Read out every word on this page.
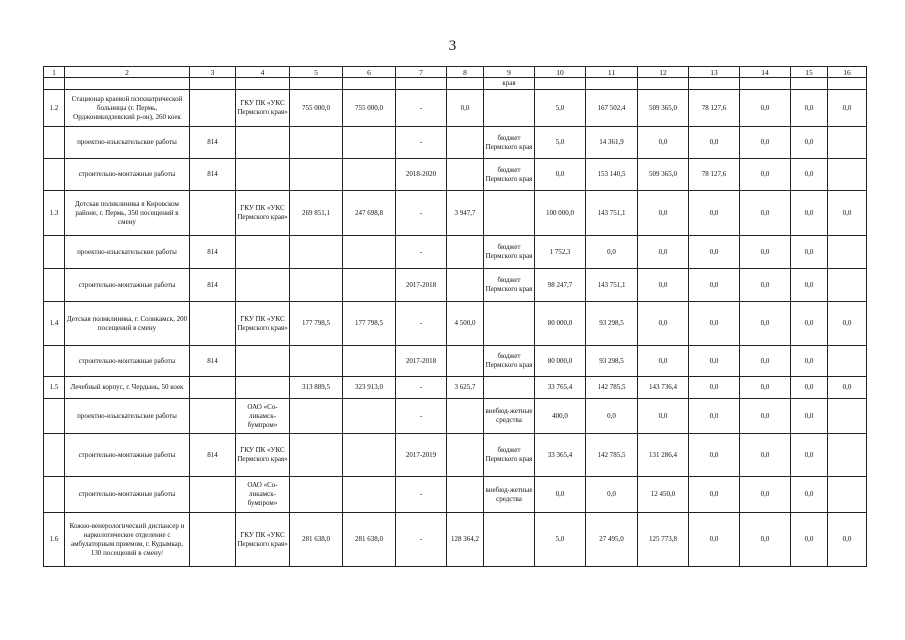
3
1	2	3	4	5	6	7	8	9	10	11	12	13	14	15	16
								края							
1.2	Стационар краевой психиатрической больницы (г. Пермь, Орджоникидзевский р-он), 260 коек		ГКУ ПК «УКС Пермского края»	755 000,0	755 000,0	-	0,0		5,0	167 502,4	509 365,0	78 127,6	0,0	0,0	0,0
	проектно-изыскательские работы	814				-		бюджет Пермского края	5,0	14 361,9	0,0	0,0	0,0	0,0	
	строительно-монтажные работы	814				2018-2020		бюджет Пермского края	0,0	153 140,5	509 365,0	78 127,6	0,0	0,0	
1.3	Детская поликлиника в Кировском районе, г. Пермь, 350 посещений в смену		ГКУ ПК «УКС Пермского края»	269 851,1	247 698,8	-	3 947,7		100 000,0	143 751,1	0,0	0,0	0,0	0,0	0,0
	проектно-изыскательские работы	814				-		бюджет Пермского края	1 752,3	0,0	0,0	0,0	0,0	0,0	
	строительно-монтажные работы	814				2017-2018		бюджет Пермского края	98 247,7	143 751,1	0,0	0,0	0,0	0,0	
1.4	Детская поликлиника, г. Соликамск, 200 посещений в смену		ГКУ ПК «УКС Пермского края»	177 798,5	177 798,5	-	4 500,0		80 000,0	93 298,5	0,0	0,0	0,0	0,0	0,0
	строительно-монтажные работы	814				2017-2018		бюджет Пермского края	80 000,0	93 298,5	0,0	0,0	0,0	0,0	
1.5	Лечебный корпус, г. Чердынь, 50 коек			313 889,5	323 913,0	-	3 625,7		33 765,4	142 785,5	143 736,4	0,0	0,0	0,0	0,0
	проектно-изыскательские работы		ОАО «Со-ликамск-бумпром»			-		внебюд-жетные средства	400,0	0,0	0,0	0,0	0,0	0,0	
	строительно-монтажные работы	814	ГКУ ПК «УКС Пермского края»			2017-2019		бюджет Пермского края	33 365,4	142 785,5	131 286,4	0,0	0,0	0,0	
	строительно-монтажные работы		ОАО «Со-ликамск-бумпром»			-		внебюд-жетные средства	0,0	0,0	12 450,0	0,0	0,0	0,0	
1.6	Кожно-венерологический диспансер и наркологическое отделение с амбулаторным приемом, г. Кудымкар, 130 посещений в смену/		ГКУ ПК «УКС Пермского края»	281 638,0	281 638,0	-	128 364,2		5,0	27 495,0	125 773,8	0,0	0,0	0,0	0,0
